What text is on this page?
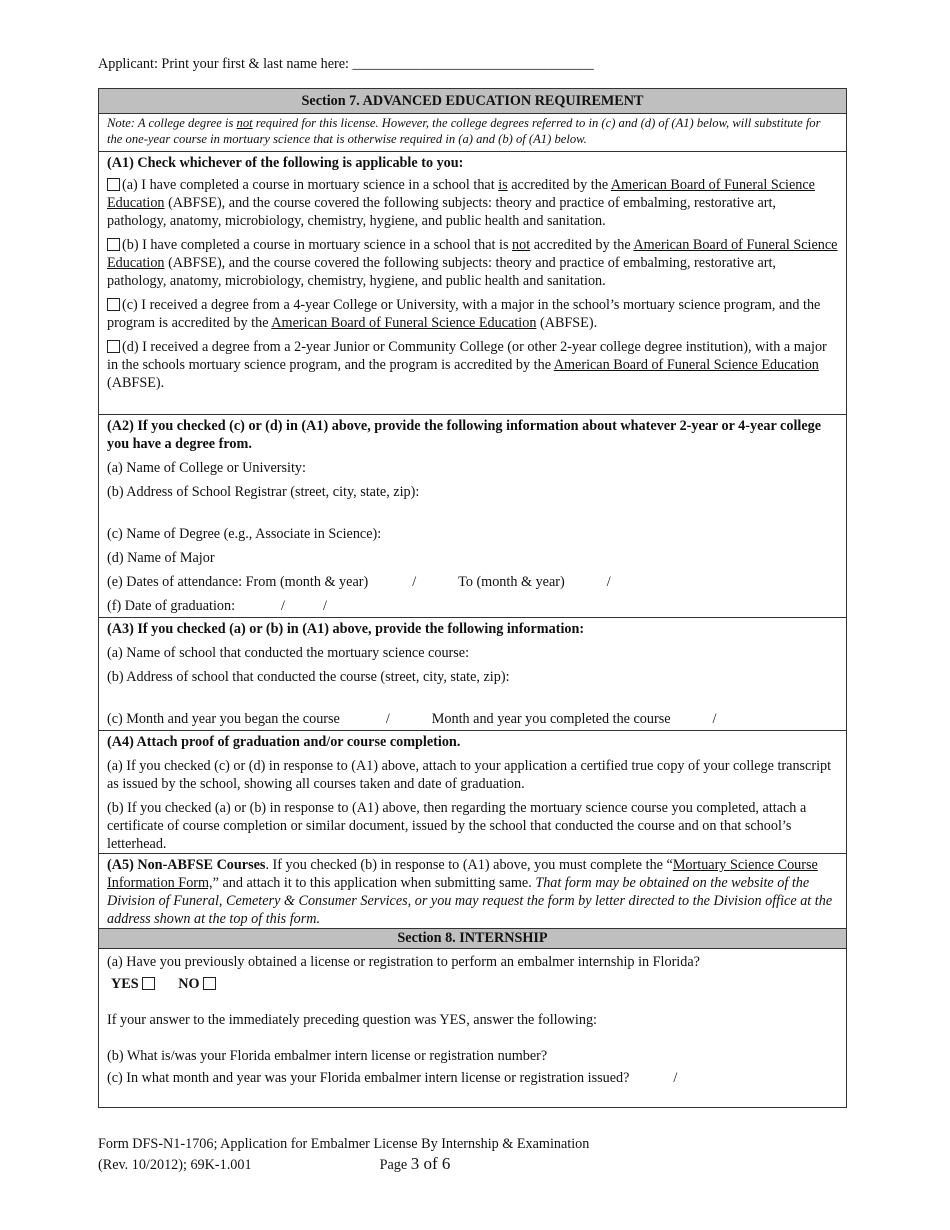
Applicant: Print your first & last name here: __________________________________
Section 7. ADVANCED EDUCATION REQUIREMENT
Note: A college degree is not required for this license. However, the college degrees referred to in (c) and (d) of (A1) below, will substitute for the one-year course in mortuary science that is otherwise required in (a) and (b) of (A1) below.
(A1) Check whichever of the following is applicable to you:
(a) I have completed a course in mortuary science in a school that is accredited by the American Board of Funeral Science Education (ABFSE), and the course covered the following subjects: theory and practice of embalming, restorative art, pathology, anatomy, microbiology, chemistry, hygiene, and public health and sanitation.
(b) I have completed a course in mortuary science in a school that is not accredited by the American Board of Funeral Science Education (ABFSE), and the course covered the following subjects: theory and practice of embalming, restorative art, pathology, anatomy, microbiology, chemistry, hygiene, and public health and sanitation.
(c) I received a degree from a 4-year College or University, with a major in the school’s mortuary science program, and the program is accredited by the American Board of Funeral Science Education (ABFSE).
(d) I received a degree from a 2-year Junior or Community College (or other 2-year college degree institution), with a major in the schools mortuary science program, and the program is accredited by the American Board of Funeral Science Education (ABFSE).
(A2) If you checked (c) or (d) in (A1) above, provide the following information about whatever 2-year or 4-year college you have a degree from.
(a) Name of College or University:
(b) Address of School Registrar (street, city, state, zip):
(c) Name of Degree (e.g., Associate in Science):
(d) Name of Major
(e) Dates of attendance: From (month & year)	/	To (month & year)	/
(f) Date of graduation:	/	/
(A3) If you checked (a) or (b) in (A1) above, provide the following information:
(a) Name of school that conducted the mortuary science course:
(b) Address of school that conducted the course (street, city, state, zip):
(c) Month and year you began the course	/	Month and year you completed the course	/
(A4) Attach proof of graduation and/or course completion.
(a) If you checked (c) or (d) in response to (A1) above, attach to your application a certified true copy of your college transcript as issued by the school, showing all courses taken and date of graduation.
(b) If you checked (a) or (b) in response to (A1) above, then regarding the mortuary science course you completed, attach a certificate of course completion or similar document, issued by the school that conducted the course and on that school’s letterhead.
(A5) Non-ABFSE Courses. If you checked (b) in response to (A1) above, you must complete the “Mortuary Science Course Information Form,” and attach it to this application when submitting same. That form may be obtained on the website of the Division of Funeral, Cemetery & Consumer Services, or you may request the form by letter directed to the Division office at the address shown at the top of this form.
Section 8. INTERNSHIP
(a) Have you previously obtained a license or registration to perform an embalmer internship in Florida?
YES	NO
If your answer to the immediately preceding question was YES, answer the following:
(b) What is/was your Florida embalmer intern license or registration number?
(c) In what month and year was your Florida embalmer intern license or registration issued?	/
Form DFS-N1-1706; Application for Embalmer License By Internship & Examination
(Rev. 10/2012); 69K-1.001	Page 3 of 6
